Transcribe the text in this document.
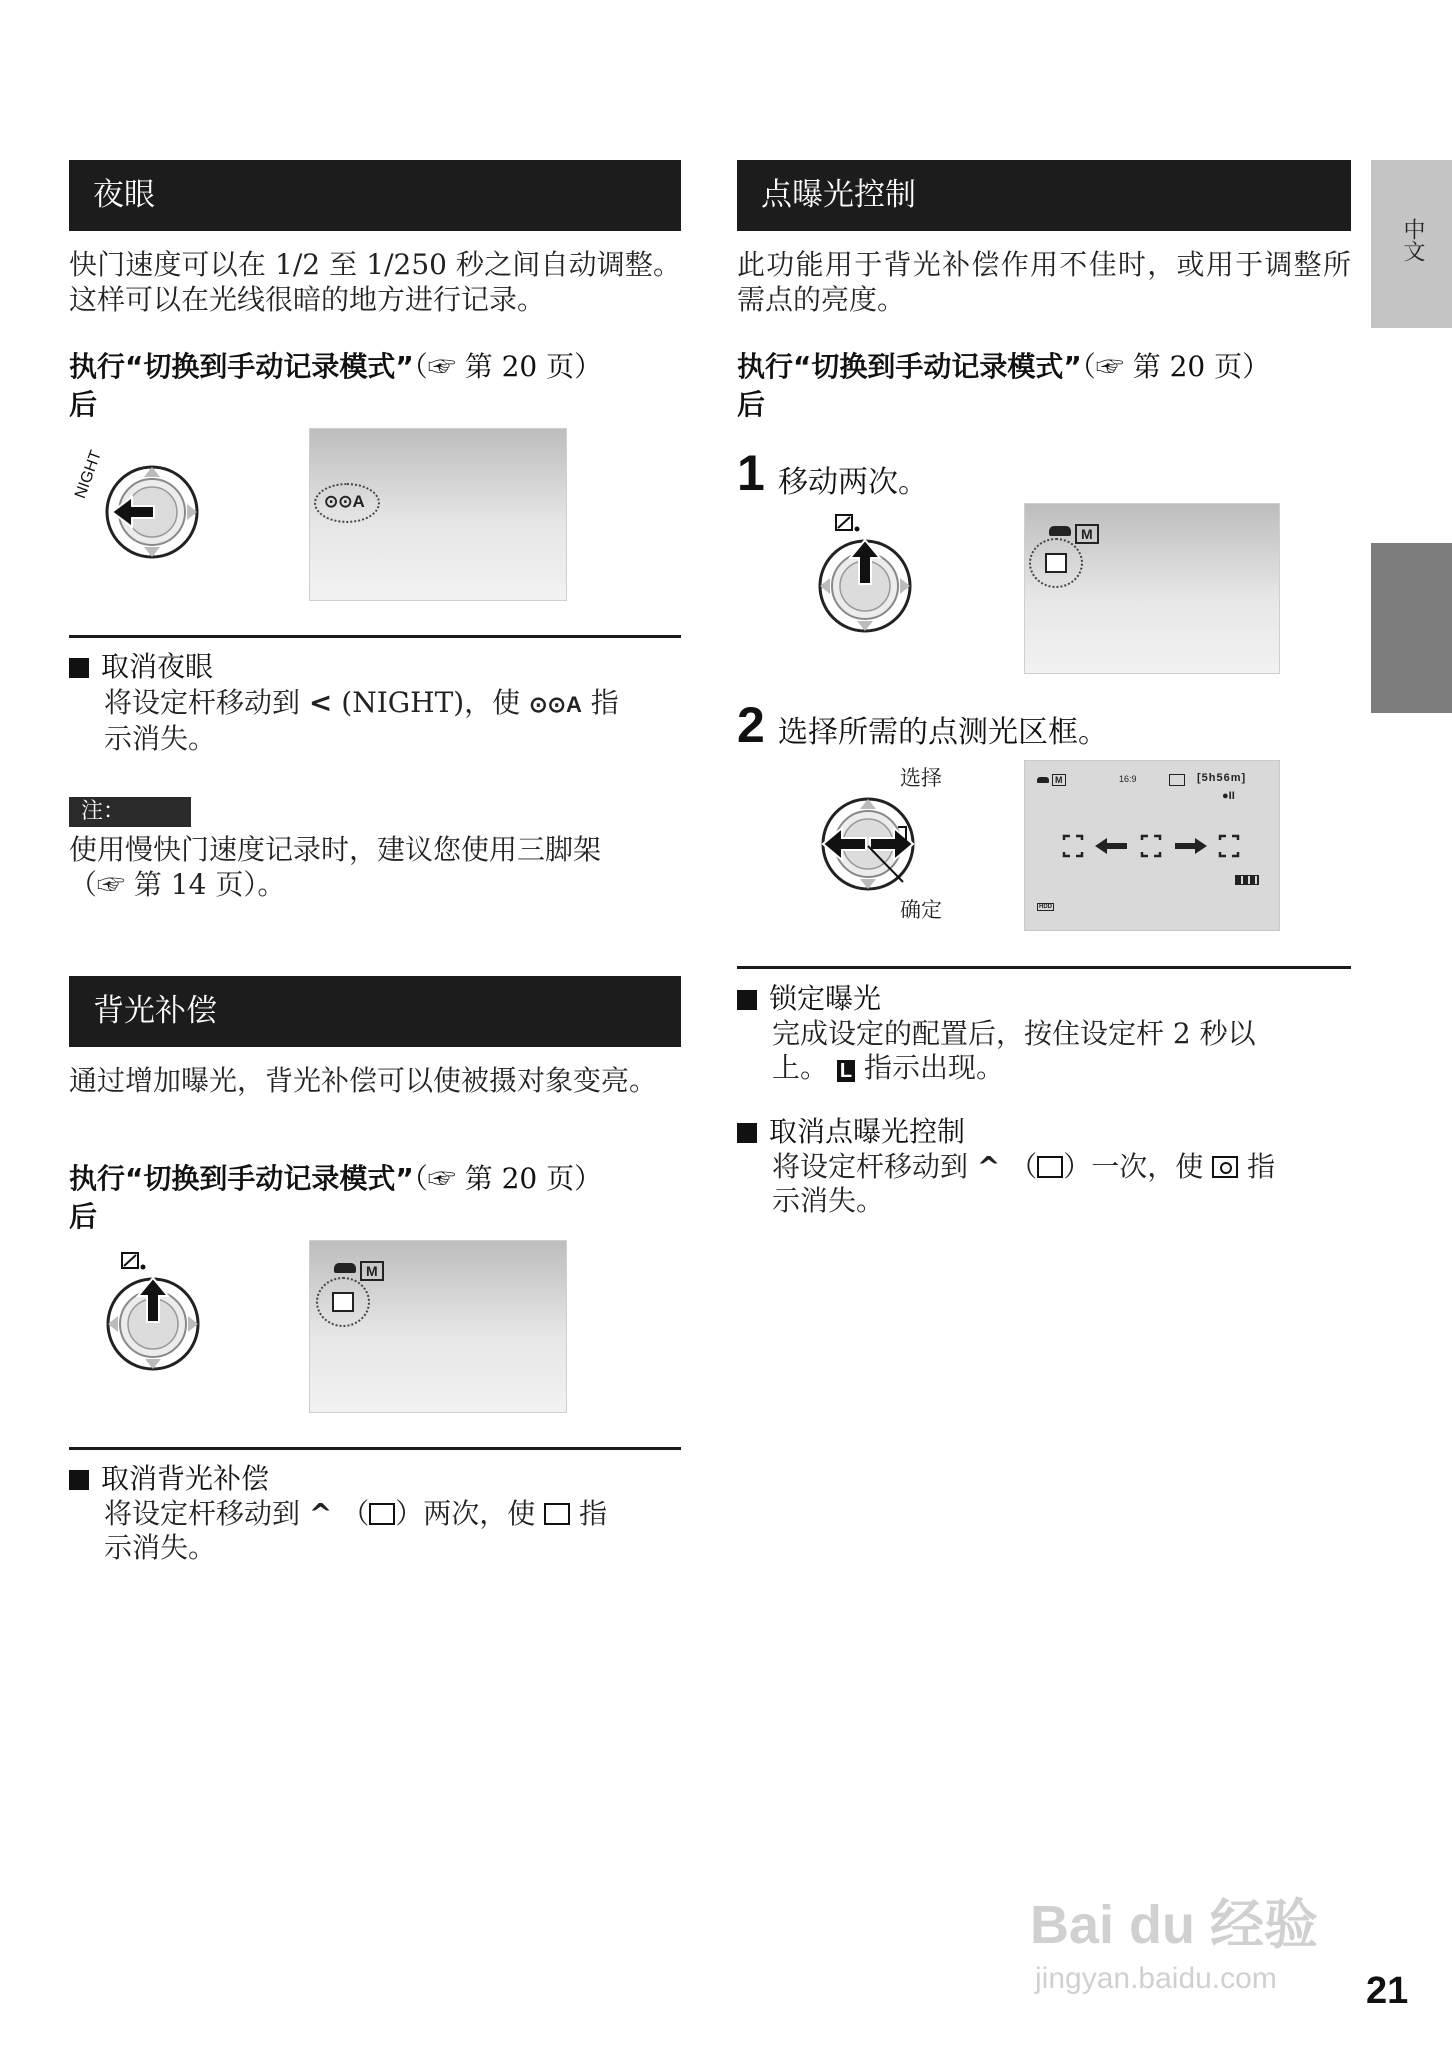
中文
夜眼
快门速度可以在 1/2 至 1/250 秒之间自动调整。这样可以在光线很暗的地方进行记录。
执行“切换到手动记录模式”（☞ 第 20 页）
后
NIGHT
⊙⊙A
取消夜眼
将设定杆移动到 < (NIGHT)，使 ⊙⊙A 指
示消失。
注：
使用慢快门速度记录时，建议您使用三脚架
（☞ 第 14 页）。
背光补偿
通过增加曝光，背光补偿可以使被摄对象变亮。
执行“切换到手动记录模式”（☞ 第 20 页）
后
M
取消背光补偿
将设定杆移动到 ^ （ ）两次，使 指
示消失。
点曝光控制
此功能用于背光补偿作用不佳时，或用于调整所需点的亮度。
执行“切换到手动记录模式”（☞ 第 20 页）
后
1 移动两次。
M
2 选择所需的点测光区框。
选择
确定
M	16:9	[5h56m]
●II
HDD
锁定曝光
完成设定的配置后，按住设定杆 2 秒以
上。 L 指示出现。
取消点曝光控制
将设定杆移动到 ^ （ ）一次，使 指
示消失。
Bai du 经验
jingyan.baidu.com 21
